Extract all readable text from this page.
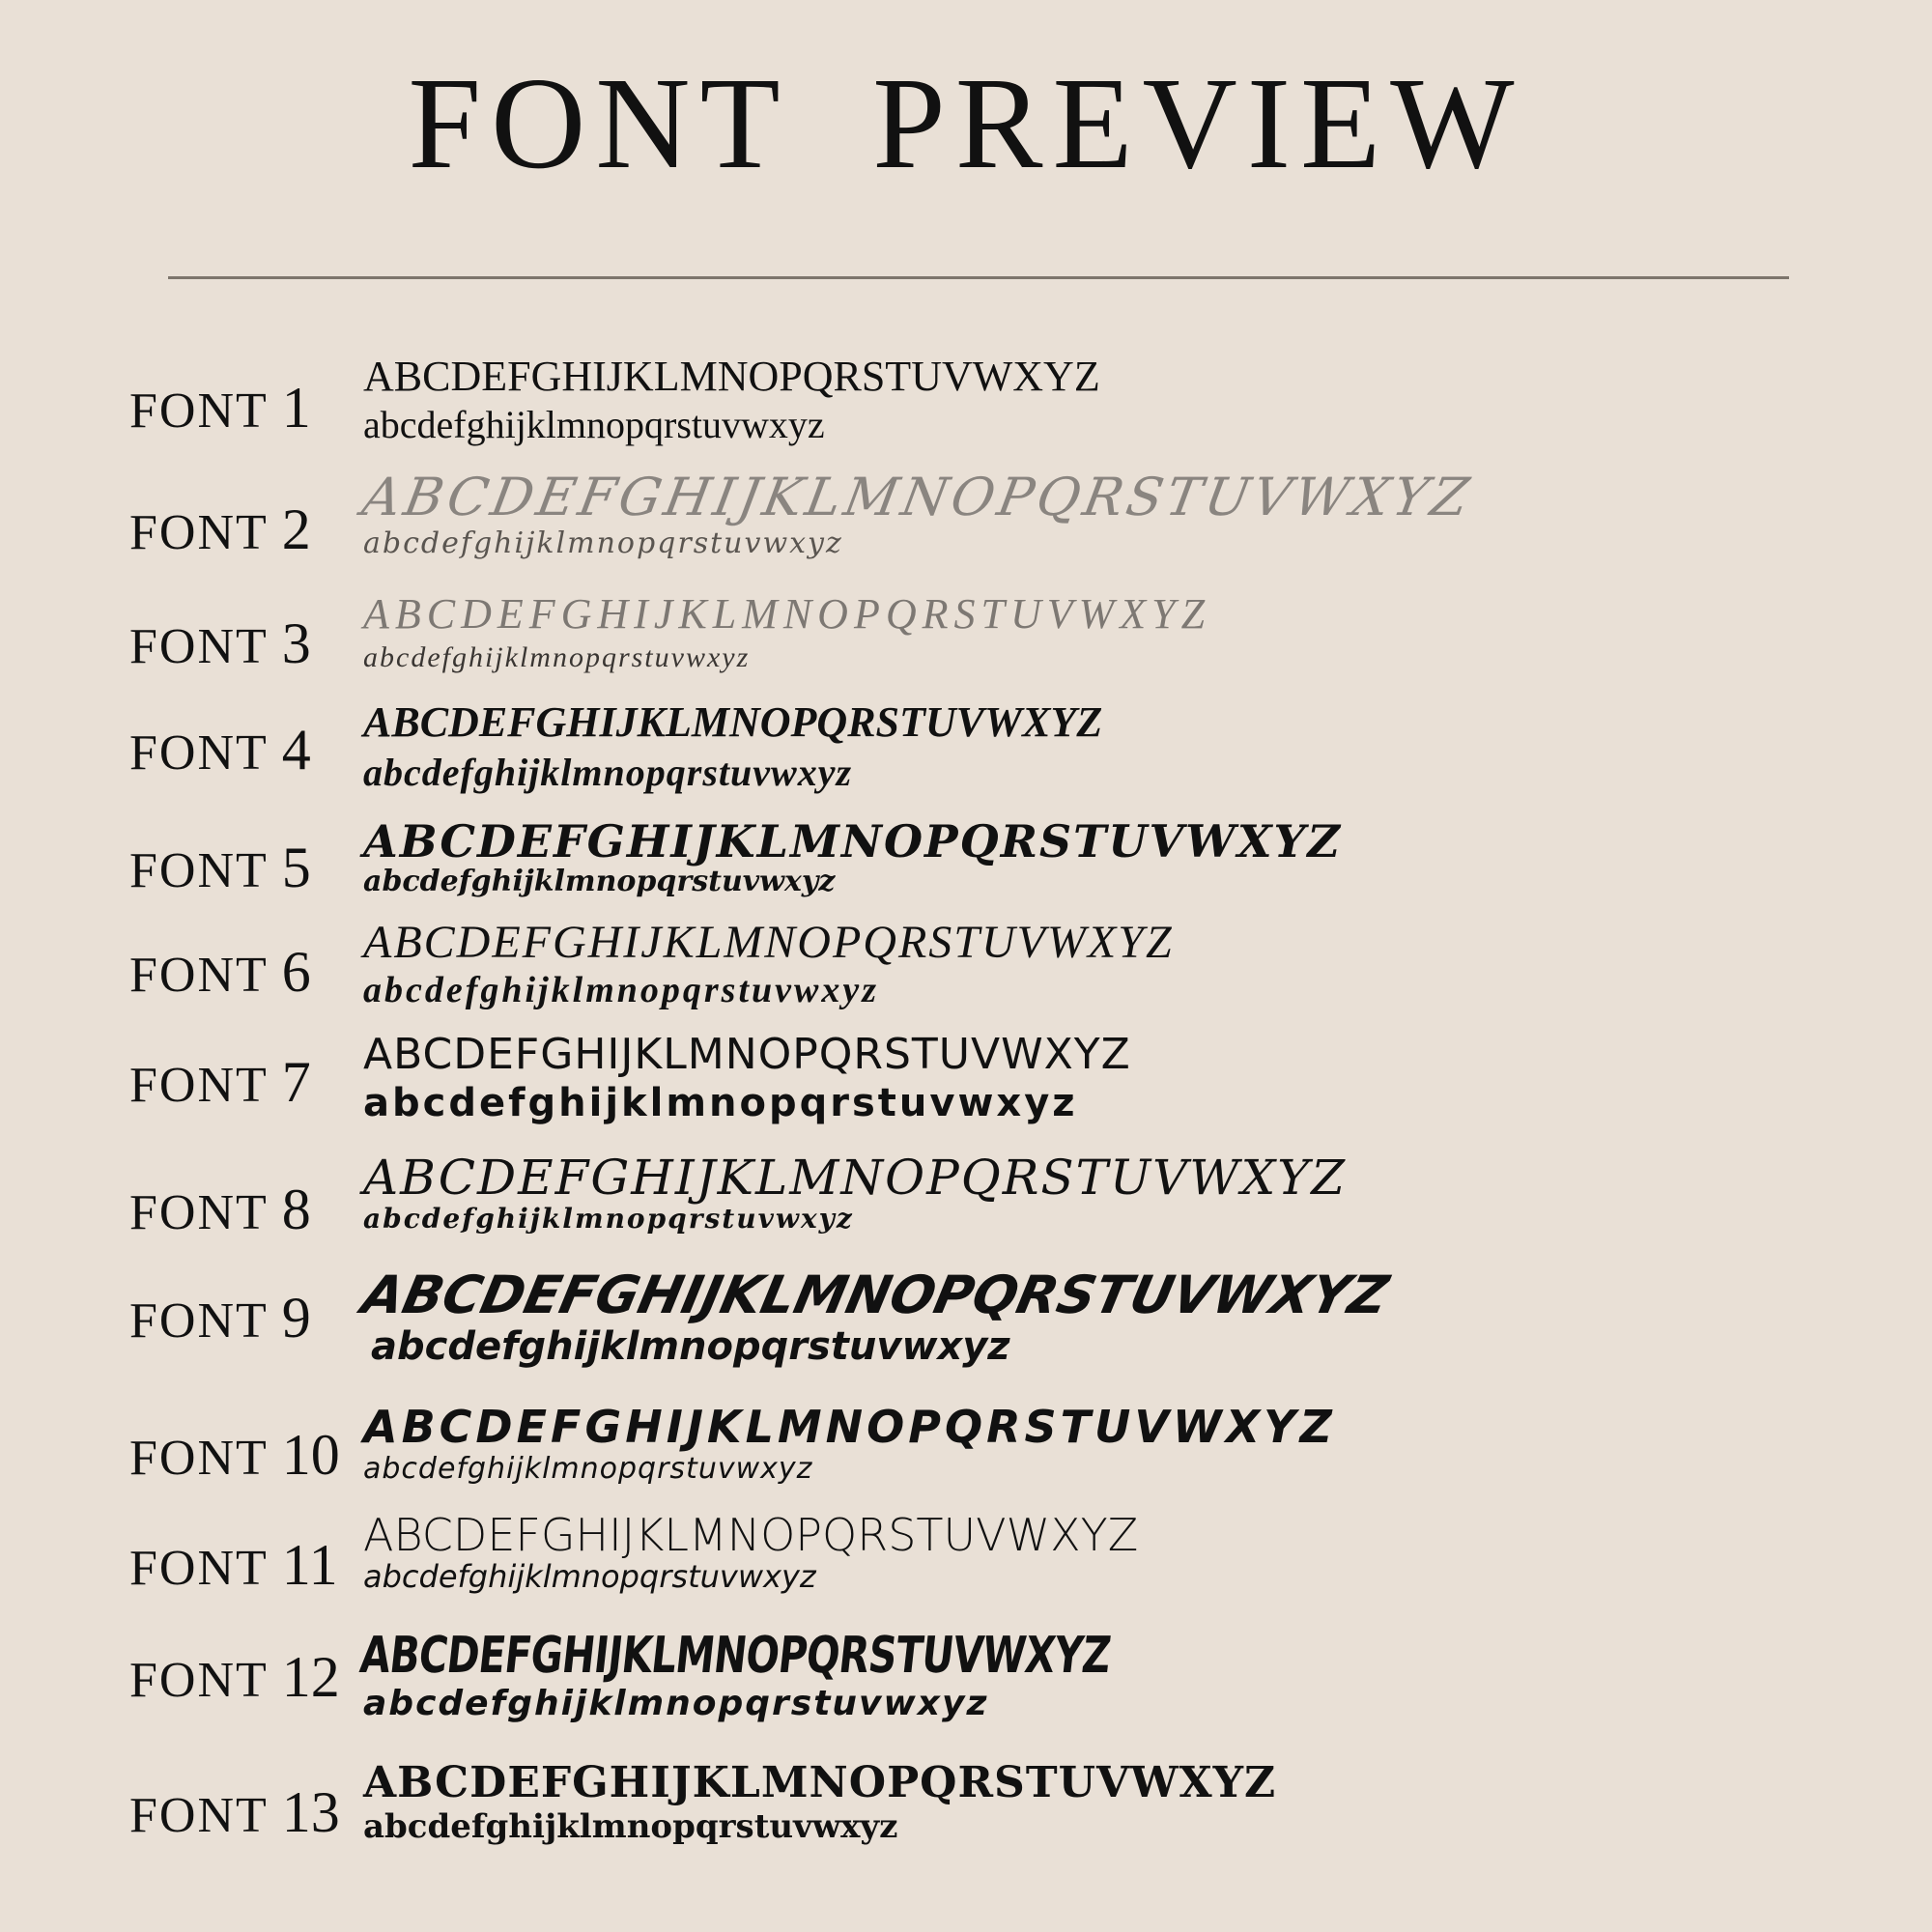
FONT  PREVIEW
FONT 1 ABCDEFGHIJKLMNOPQRSTUVWXYZ
abcdefghijklmnopqrstuvwxyz
FONT 2
ABCDEFGHIJKLMNOPQRSTUVWXYZ
abcdefghijklmnopqrstuvwxyz
FONT 3 ABCDEFGHIJKLMNOPQRSTUVWXYZ
abcdefghijklmnopqrstuvwxyz
FONT 4 ABCDEFGHIJKLMNOPQRSTUVWXYZ
abcdefghijklmnopqrstuvwxyz
FONT 5 ABCDEFGHIJKLMNOPQRSTUVWXYZ
abcdefghijklmnopqrstuvwxyz
FONT 6 ABCDEFGHIJKLMNOPQRSTUVWXYZ
abcdefghijklmnopqrstuvwxyz
FONT 7 ABCDEFGHIJKLMNOPQRSTUVWXYZ
abcdefghijklmnopqrstuvwxyz
FONT 8 ABCDEFGHIJKLMNOPQRSTUVWXYZ
abcdefghijklmnopqrstuvwxyz
FONT 9 ABCDEFGHIJKLMNOPQRSTUVWXYZ
abcdefghijklmnopqrstuvwxyz
FONT 10 ABCDEFGHIJKLMNOPQRSTUVWXYZ
abcdefghijklmnopqrstuvwxyz
FONT 11 ABCDEFGHIJKLMNOPQRSTUVWXYZ
abcdefghijklmnopqrstuvwxyz
FONT 12 ABCDEFGHIJKLMNOPQRSTUVWXYZ
abcdefghijklmnopqrstuvwxyz
FONT 13 ABCDEFGHIJKLMNOPQRSTUVWXYZ
abcdefghijklmnopqrstuvwxyz
